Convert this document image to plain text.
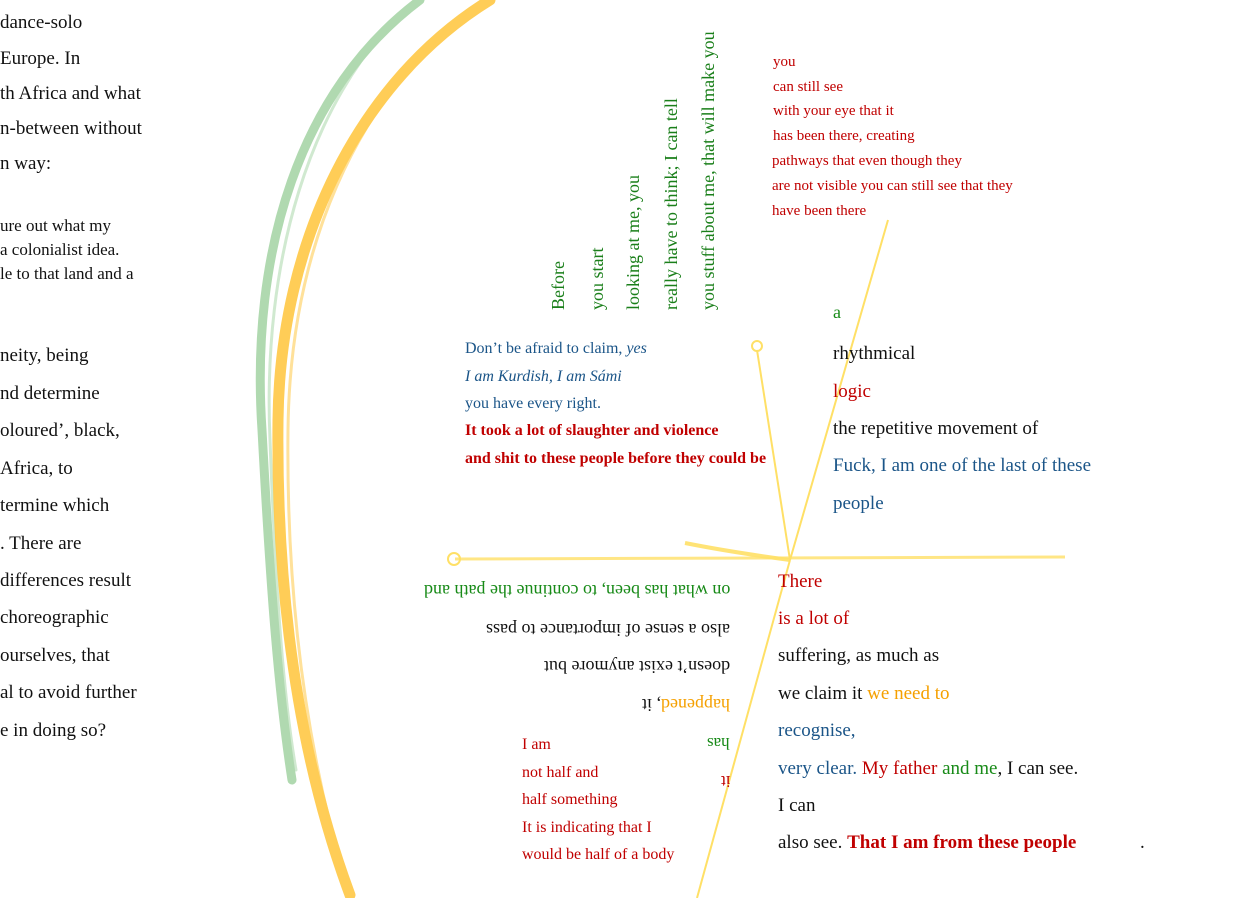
dance-solo
Europe. In
th Africa and what
n-between without
n way:
ure out what my
a colonialist idea.
le to that land and a
neity, being
nd determine
oloured’, black,
Africa, to
termine which
. There are
differences result
choreographic
ourselves, that
al to avoid further
e in doing so?
Before you start looking at me, you really have to think; I can tell you stuff about me, that will make you	you
can still see
with your eye that it
has been there, creating
pathways that even though they
are not visible you can still see that they
have been there
Don’t be afraid to claim, yes
I am Kurdish, I am Sámi
you have every right.
It took a lot of slaughter and violence
and shit to these people before they could be
a
rhythmical
logic
the repetitive movement of
Fuck, I am one of the last of these
people
on what has been, to continue the path and
also a sense of importance to pass
doesn’t exist anymore but
happened, it
has
it
I am
not half and
half something
It is indicating that I
would be half of a body
There
is a lot of
suffering, as much as
we claim it we need to
recognise,
very clear. My father and me, I can see.
I can
also see. That I am from these people	.
